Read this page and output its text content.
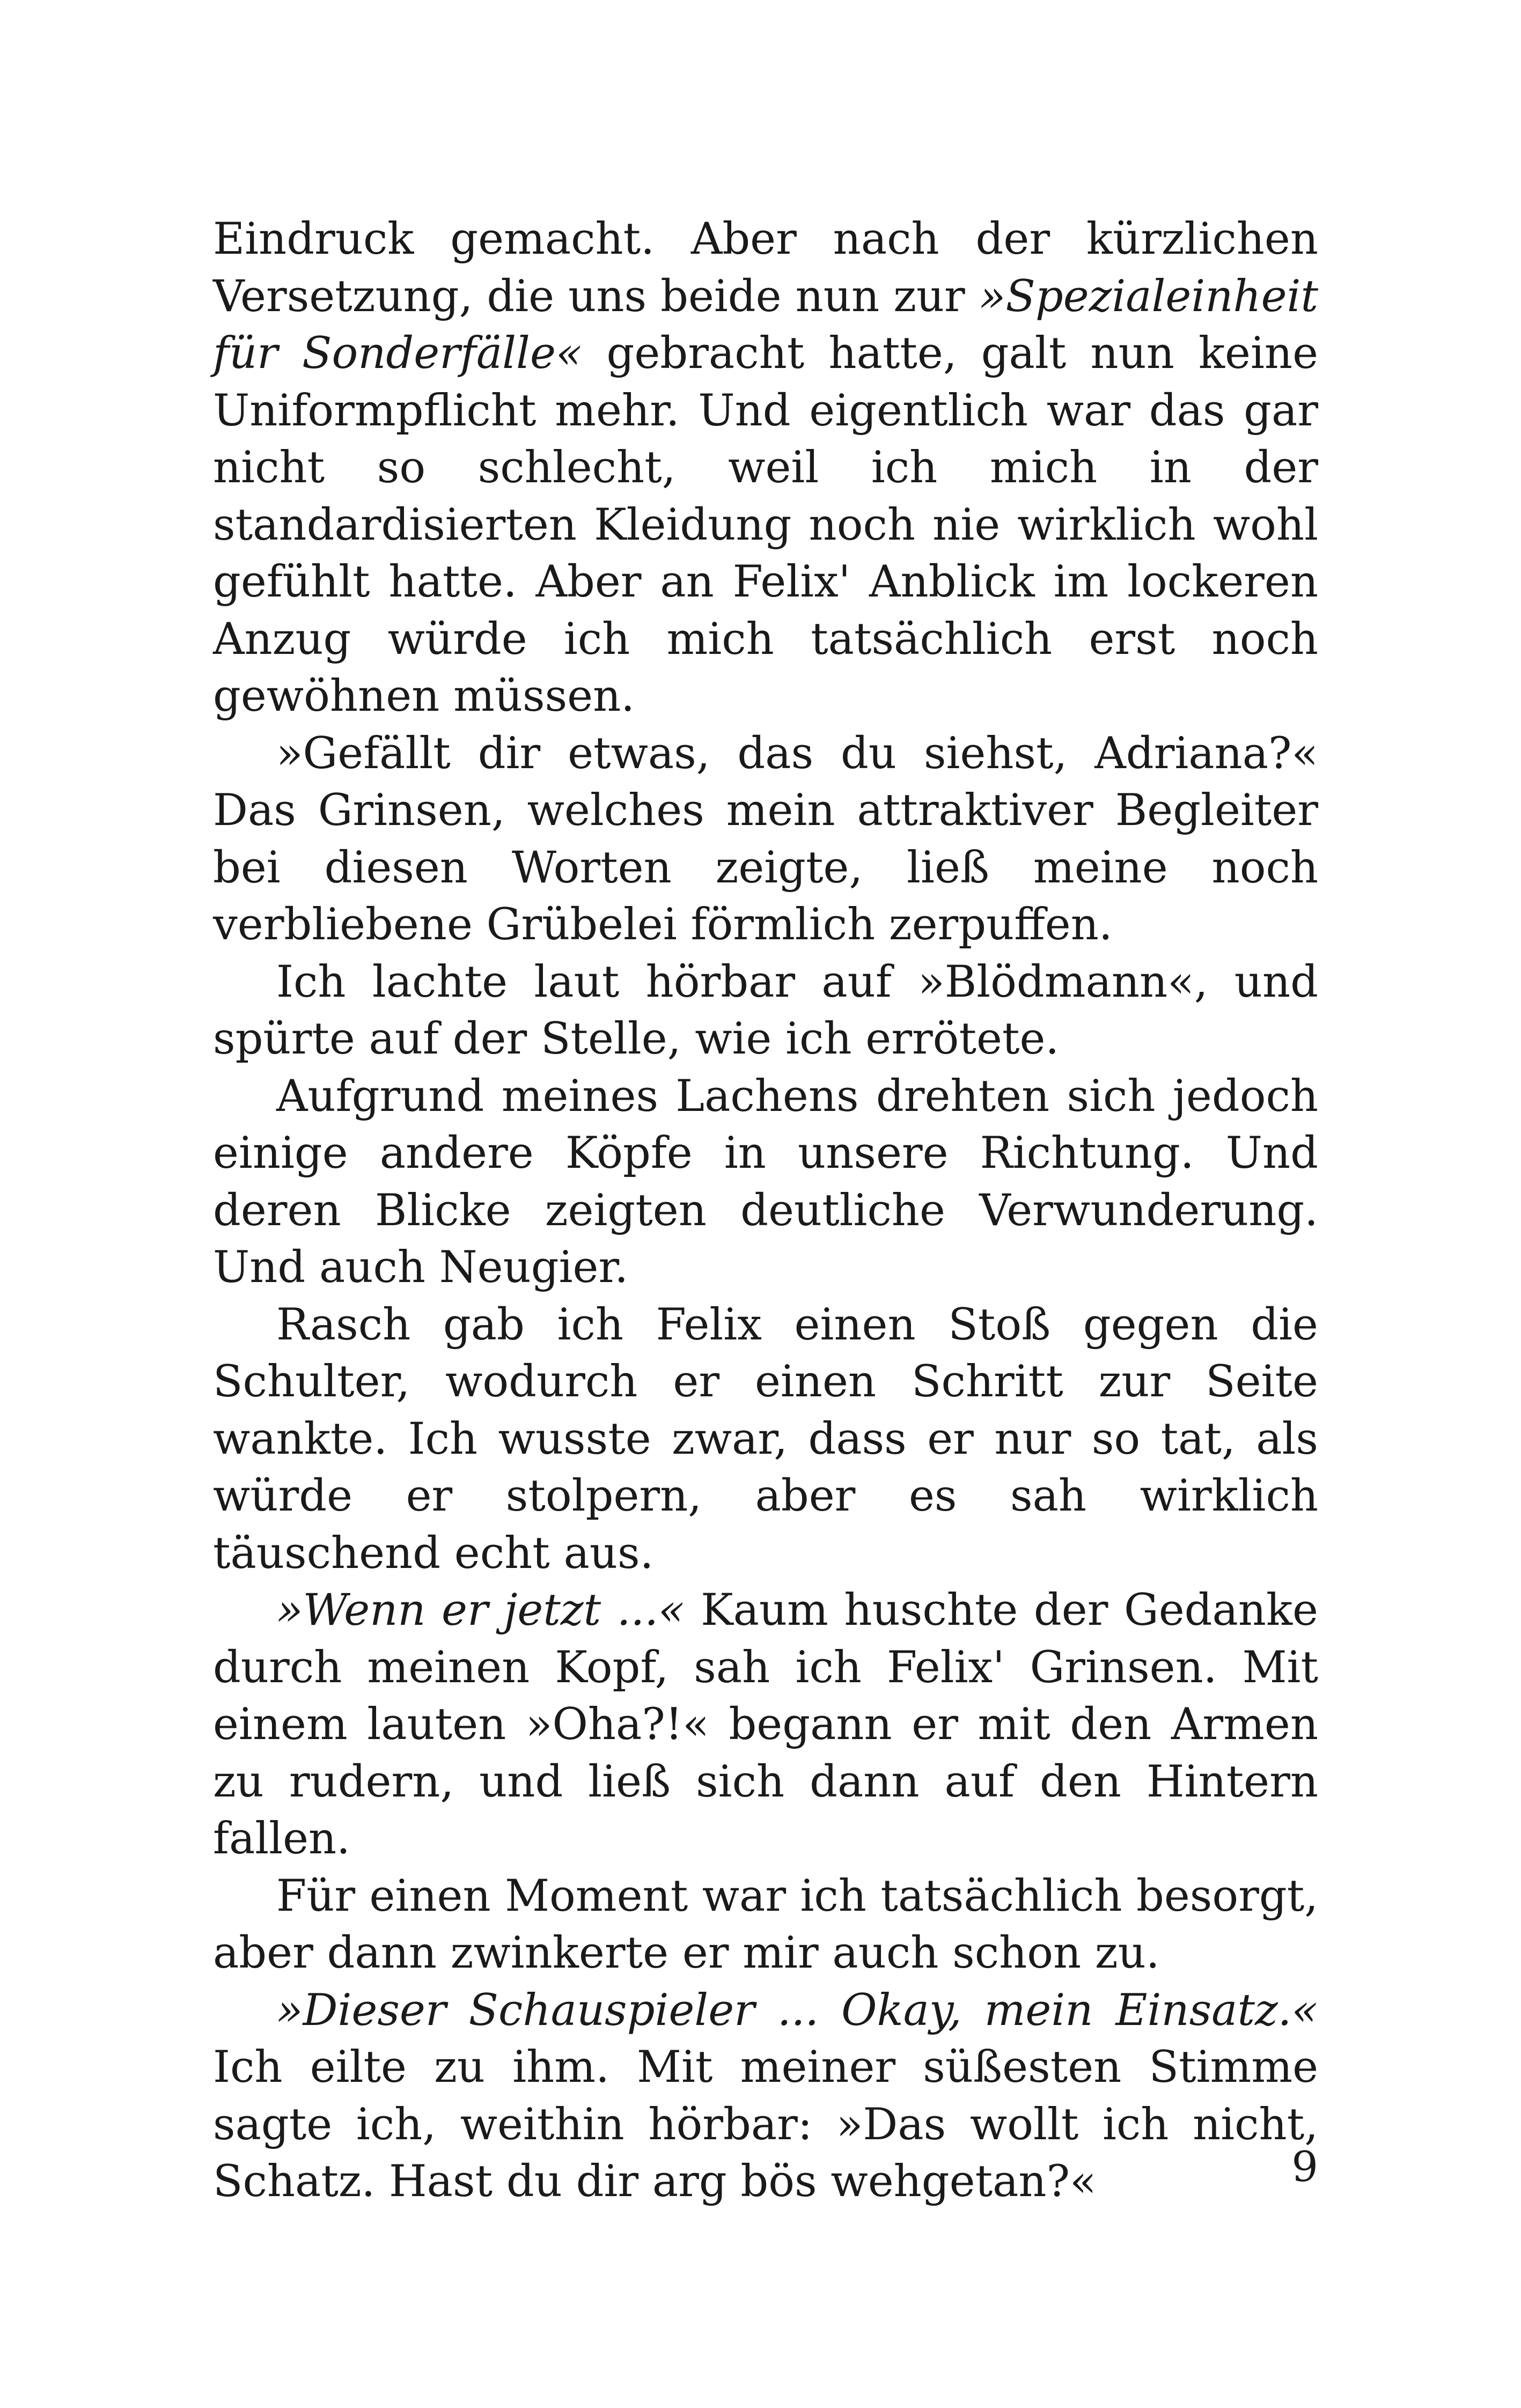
Eindruck gemacht. Aber nach der kürzlichen Versetzung, die uns beide nun zur »Spezialeinheit für Sonderfälle« gebracht hatte, galt nun keine Uniformpflicht mehr. Und eigentlich war das gar nicht so schlecht, weil ich mich in der standardisierten Kleidung noch nie wirklich wohl gefühlt hatte. Aber an Felix' Anblick im lockeren Anzug würde ich mich tatsächlich erst noch gewöhnen müssen.

»Gefällt dir etwas, das du siehst, Adriana?« Das Grinsen, welches mein attraktiver Begleiter bei diesen Worten zeigte, ließ meine noch verbliebene Grübelei förmlich zerpuffen.

Ich lachte laut hörbar auf »Blödmann«, und spürte auf der Stelle, wie ich errötete.

Aufgrund meines Lachens drehten sich jedoch einige andere Köpfe in unsere Richtung. Und deren Blicke zeigten deutliche Verwunderung. Und auch Neugier.

Rasch gab ich Felix einen Stoß gegen die Schulter, wodurch er einen Schritt zur Seite wankte. Ich wusste zwar, dass er nur so tat, als würde er stolpern, aber es sah wirklich täuschend echt aus.

»Wenn er jetzt ...« Kaum huschte der Gedanke durch meinen Kopf, sah ich Felix' Grinsen. Mit einem lauten »Oha?!« begann er mit den Armen zu rudern, und ließ sich dann auf den Hintern fallen.

Für einen Moment war ich tatsächlich besorgt, aber dann zwinkerte er mir auch schon zu.

»Dieser Schauspieler ... Okay, mein Einsatz.« Ich eilte zu ihm. Mit meiner süßesten Stimme sagte ich, weithin hörbar: »Das wollt ich nicht, Schatz. Hast du dir arg bös wehgetan?«	9
